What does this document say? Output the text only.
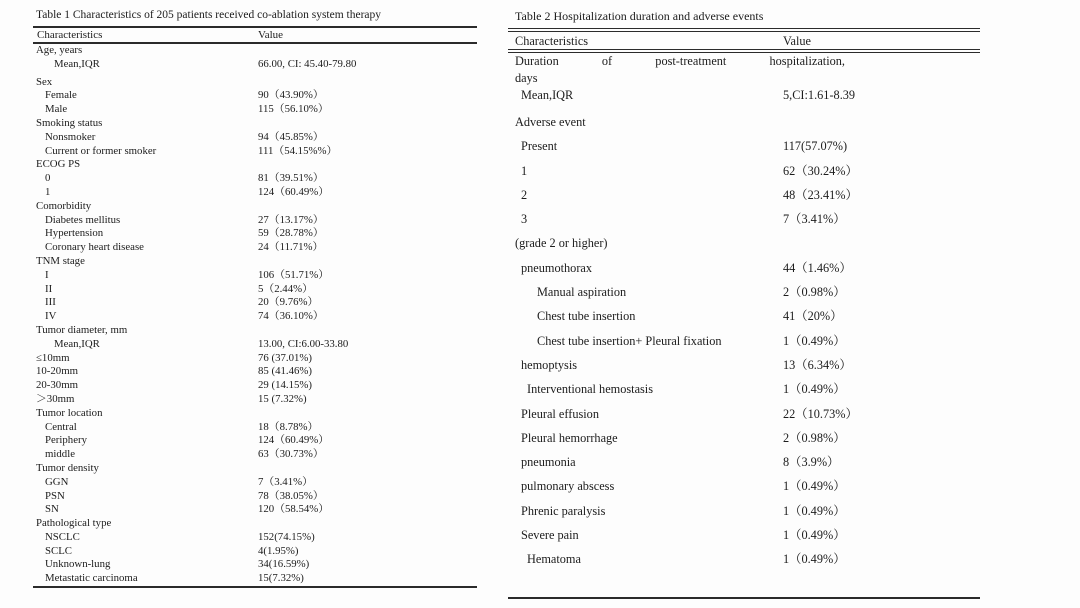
Table 1 Characteristics of 205 patients received co-ablation system therapy
Characteristics	Value
Age, years
Mean,IQR	66.00, CI: 45.40-79.80
Sex
Female	90（43.90%）
Male	115（56.10%）
Smoking status
Nonsmoker	94（45.85%）
Current or former smoker	111（54.15%%）
ECOG PS
0	81（39.51%）
1	124（60.49%）
Comorbidity
Diabetes mellitus	27（13.17%）
Hypertension	59（28.78%）
Coronary heart disease	24（11.71%）
TNM stage
I	106（51.71%）
II	5（2.44%）
III	20（9.76%）
IV	74（36.10%）
Tumor diameter, mm
Mean,IQR	13.00, CI:6.00-33.80
≤10mm	76 (37.01%)
10-20mm	85 (41.46%)
20-30mm	29 (14.15%)
＞30mm	15 (7.32%)
Tumor location
Central	18（8.78%）
Periphery	124（60.49%）
middle	63（30.73%）
Tumor density
GGN	7（3.41%）
PSN	78（38.05%）
SN	120（58.54%）
Pathological type
NSCLC	152(74.15%)
SCLC	4(1.95%)
Unknown-lung	34(16.59%)
Metastatic carcinoma	15(7.32%)
Table 2 Hospitalization duration and adverse events
Characteristics	Value
Duration of post-treatment hospitalization,
days
Mean,IQR	5,CI:1.61-8.39
Adverse event
Present	117(57.07%)
1	62（30.24%）
2	48（23.41%）
3	7（3.41%）
(grade 2 or higher)
pneumothorax	44（1.46%）
Manual aspiration	2（0.98%）
Chest tube insertion	41（20%）
Chest tube insertion+ Pleural fixation	1（0.49%）
hemoptysis	13（6.34%）
Interventional hemostasis	1（0.49%）
Pleural effusion	22（10.73%）
Pleural hemorrhage	2（0.98%）
pneumonia	8（3.9%）
pulmonary abscess	1（0.49%）
Phrenic paralysis	1（0.49%）
Severe pain	1（0.49%）
Hematoma	1（0.49%）
